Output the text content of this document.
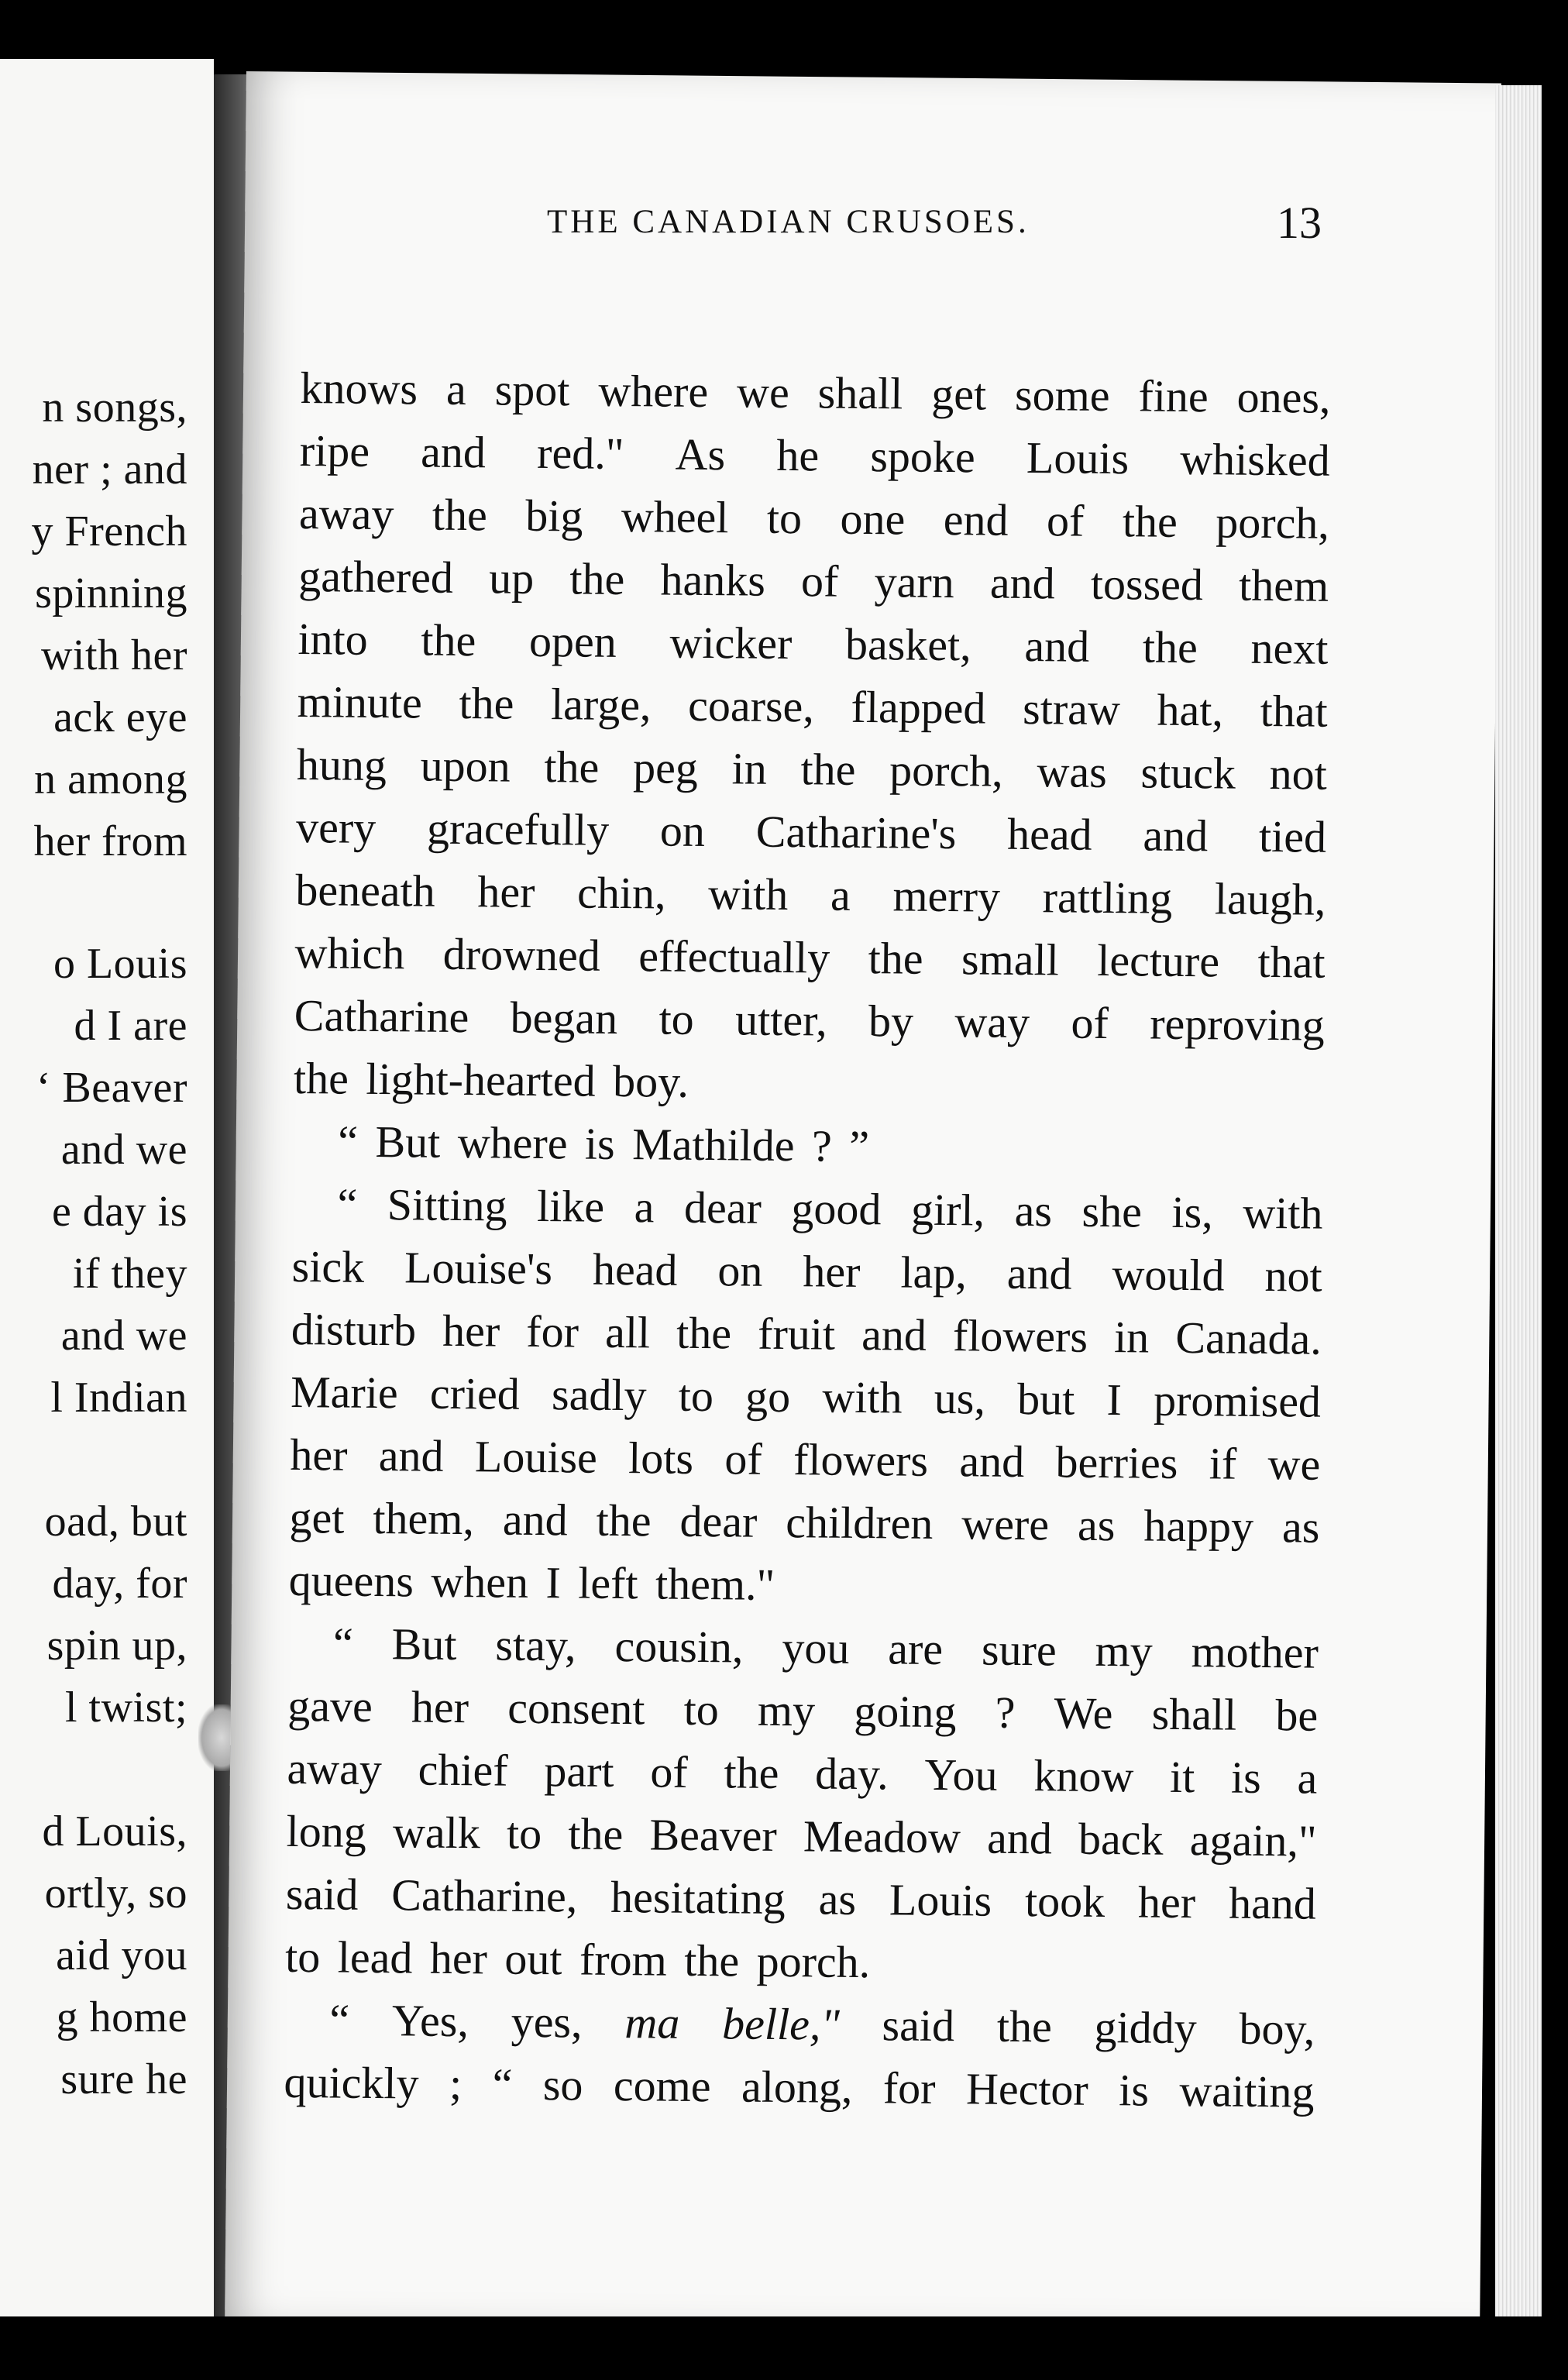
n songs,
ner ; and
y French
spinning
with her
ack eye
n among
her from
o Louis
d I are
‘ Beaver
and we
e day is
if they
and we
l Indian
oad, but
day, for
spin up,
l twist;
d Louis,
ortly, so
aid you
g home
sure he
THE CANADIAN CRUSOES.	13
knows a spot where we shall get some fine ones,
ripe and red." As he spoke Louis whisked
away the big wheel to one end of the porch,
gathered up the hanks of yarn and tossed them
into the open wicker basket, and the next
minute the large, coarse, flapped straw hat, that
hung upon the peg in the porch, was stuck not
very gracefully on Catharine's head and tied
beneath her chin, with a merry rattling laugh,
which drowned effectually the small lecture that
Catharine began to utter, by way of reproving
the light-hearted boy.
“ But where is Mathilde ? ”
“ Sitting like a dear good girl, as she is, with
sick Louise's head on her lap, and would not
disturb her for all the fruit and flowers in Canada.
Marie cried sadly to go with us, but I promised
her and Louise lots of flowers and berries if we
get them, and the dear children were as happy as
queens when I left them."
“ But stay, cousin, you are sure my mother
gave her consent to my going ? We shall be
away chief part of the day. You know it is a
long walk to the Beaver Meadow and back again,"
said Catharine, hesitating as Louis took her hand
to lead her out from the porch.
“ Yes, yes, ma belle," said the giddy boy,
quickly ; “ so come along, for Hector is waiting
